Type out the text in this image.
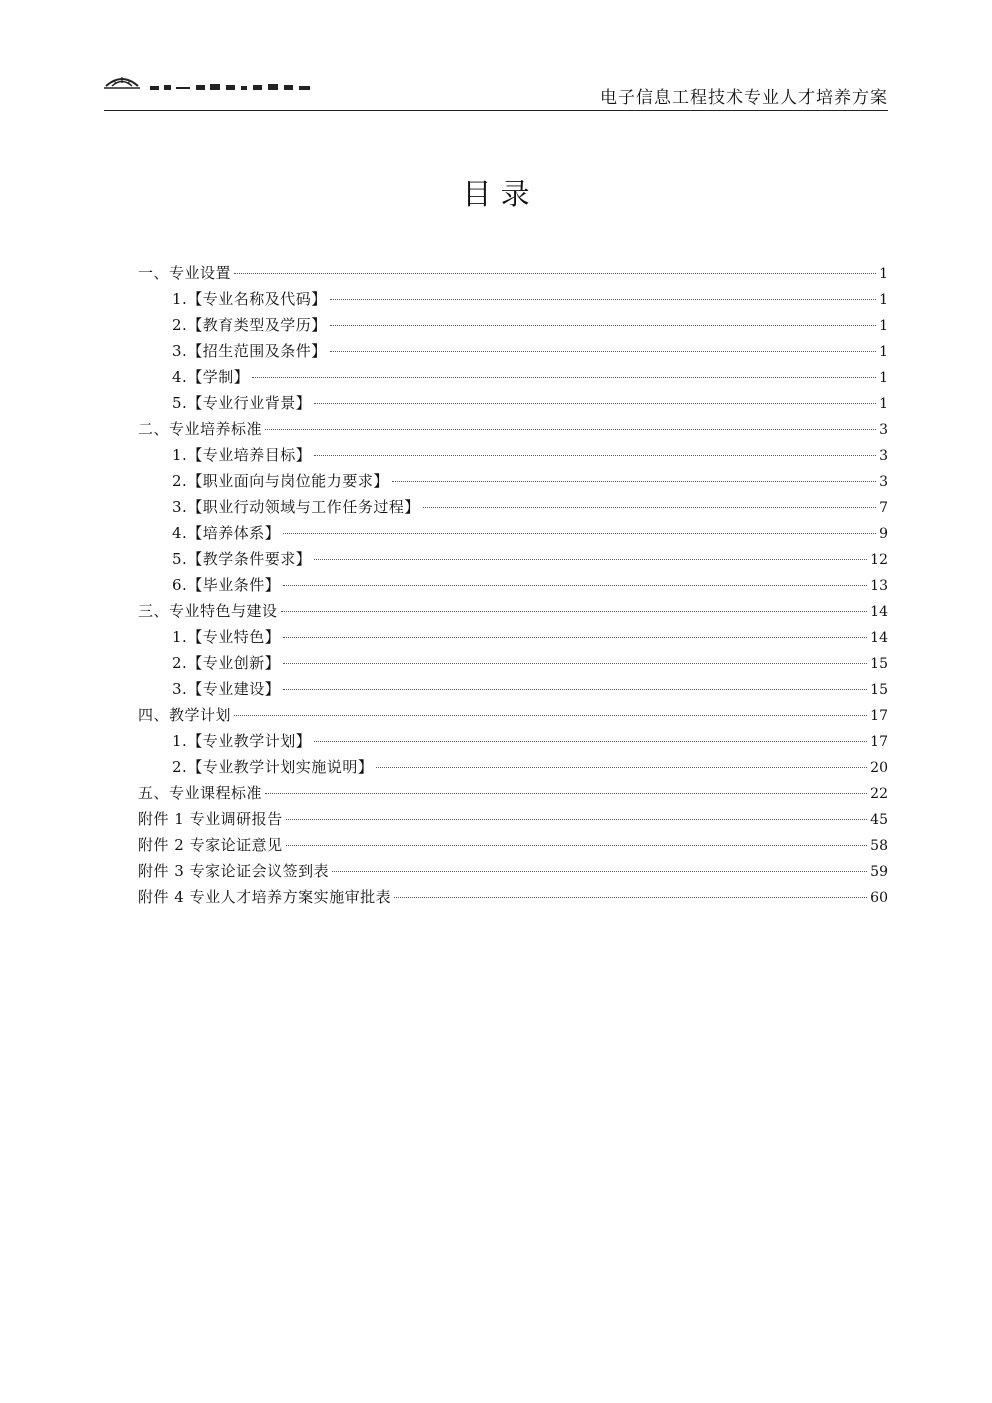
电子信息工程技术专业人才培养方案
目 录
一、专业设置	1
1.【专业名称及代码】	1
2.【教育类型及学历】	1
3.【招生范围及条件】	1
4.【学制】	1
5.【专业行业背景】	1
二、专业培养标准	3
1.【专业培养目标】	3
2.【职业面向与岗位能力要求】	3
3.【职业行动领域与工作任务过程】	7
4.【培养体系】	9
5.【教学条件要求】	12
6.【毕业条件】	13
三、专业特色与建设	14
1.【专业特色】	14
2.【专业创新】	15
3.【专业建设】	15
四、教学计划	17
1.【专业教学计划】	17
2.【专业教学计划实施说明】	20
五、专业课程标准	22
附件 1 专业调研报告	45
附件 2 专家论证意见	58
附件 3 专家论证会议签到表	59
附件 4 专业人才培养方案实施审批表	60
